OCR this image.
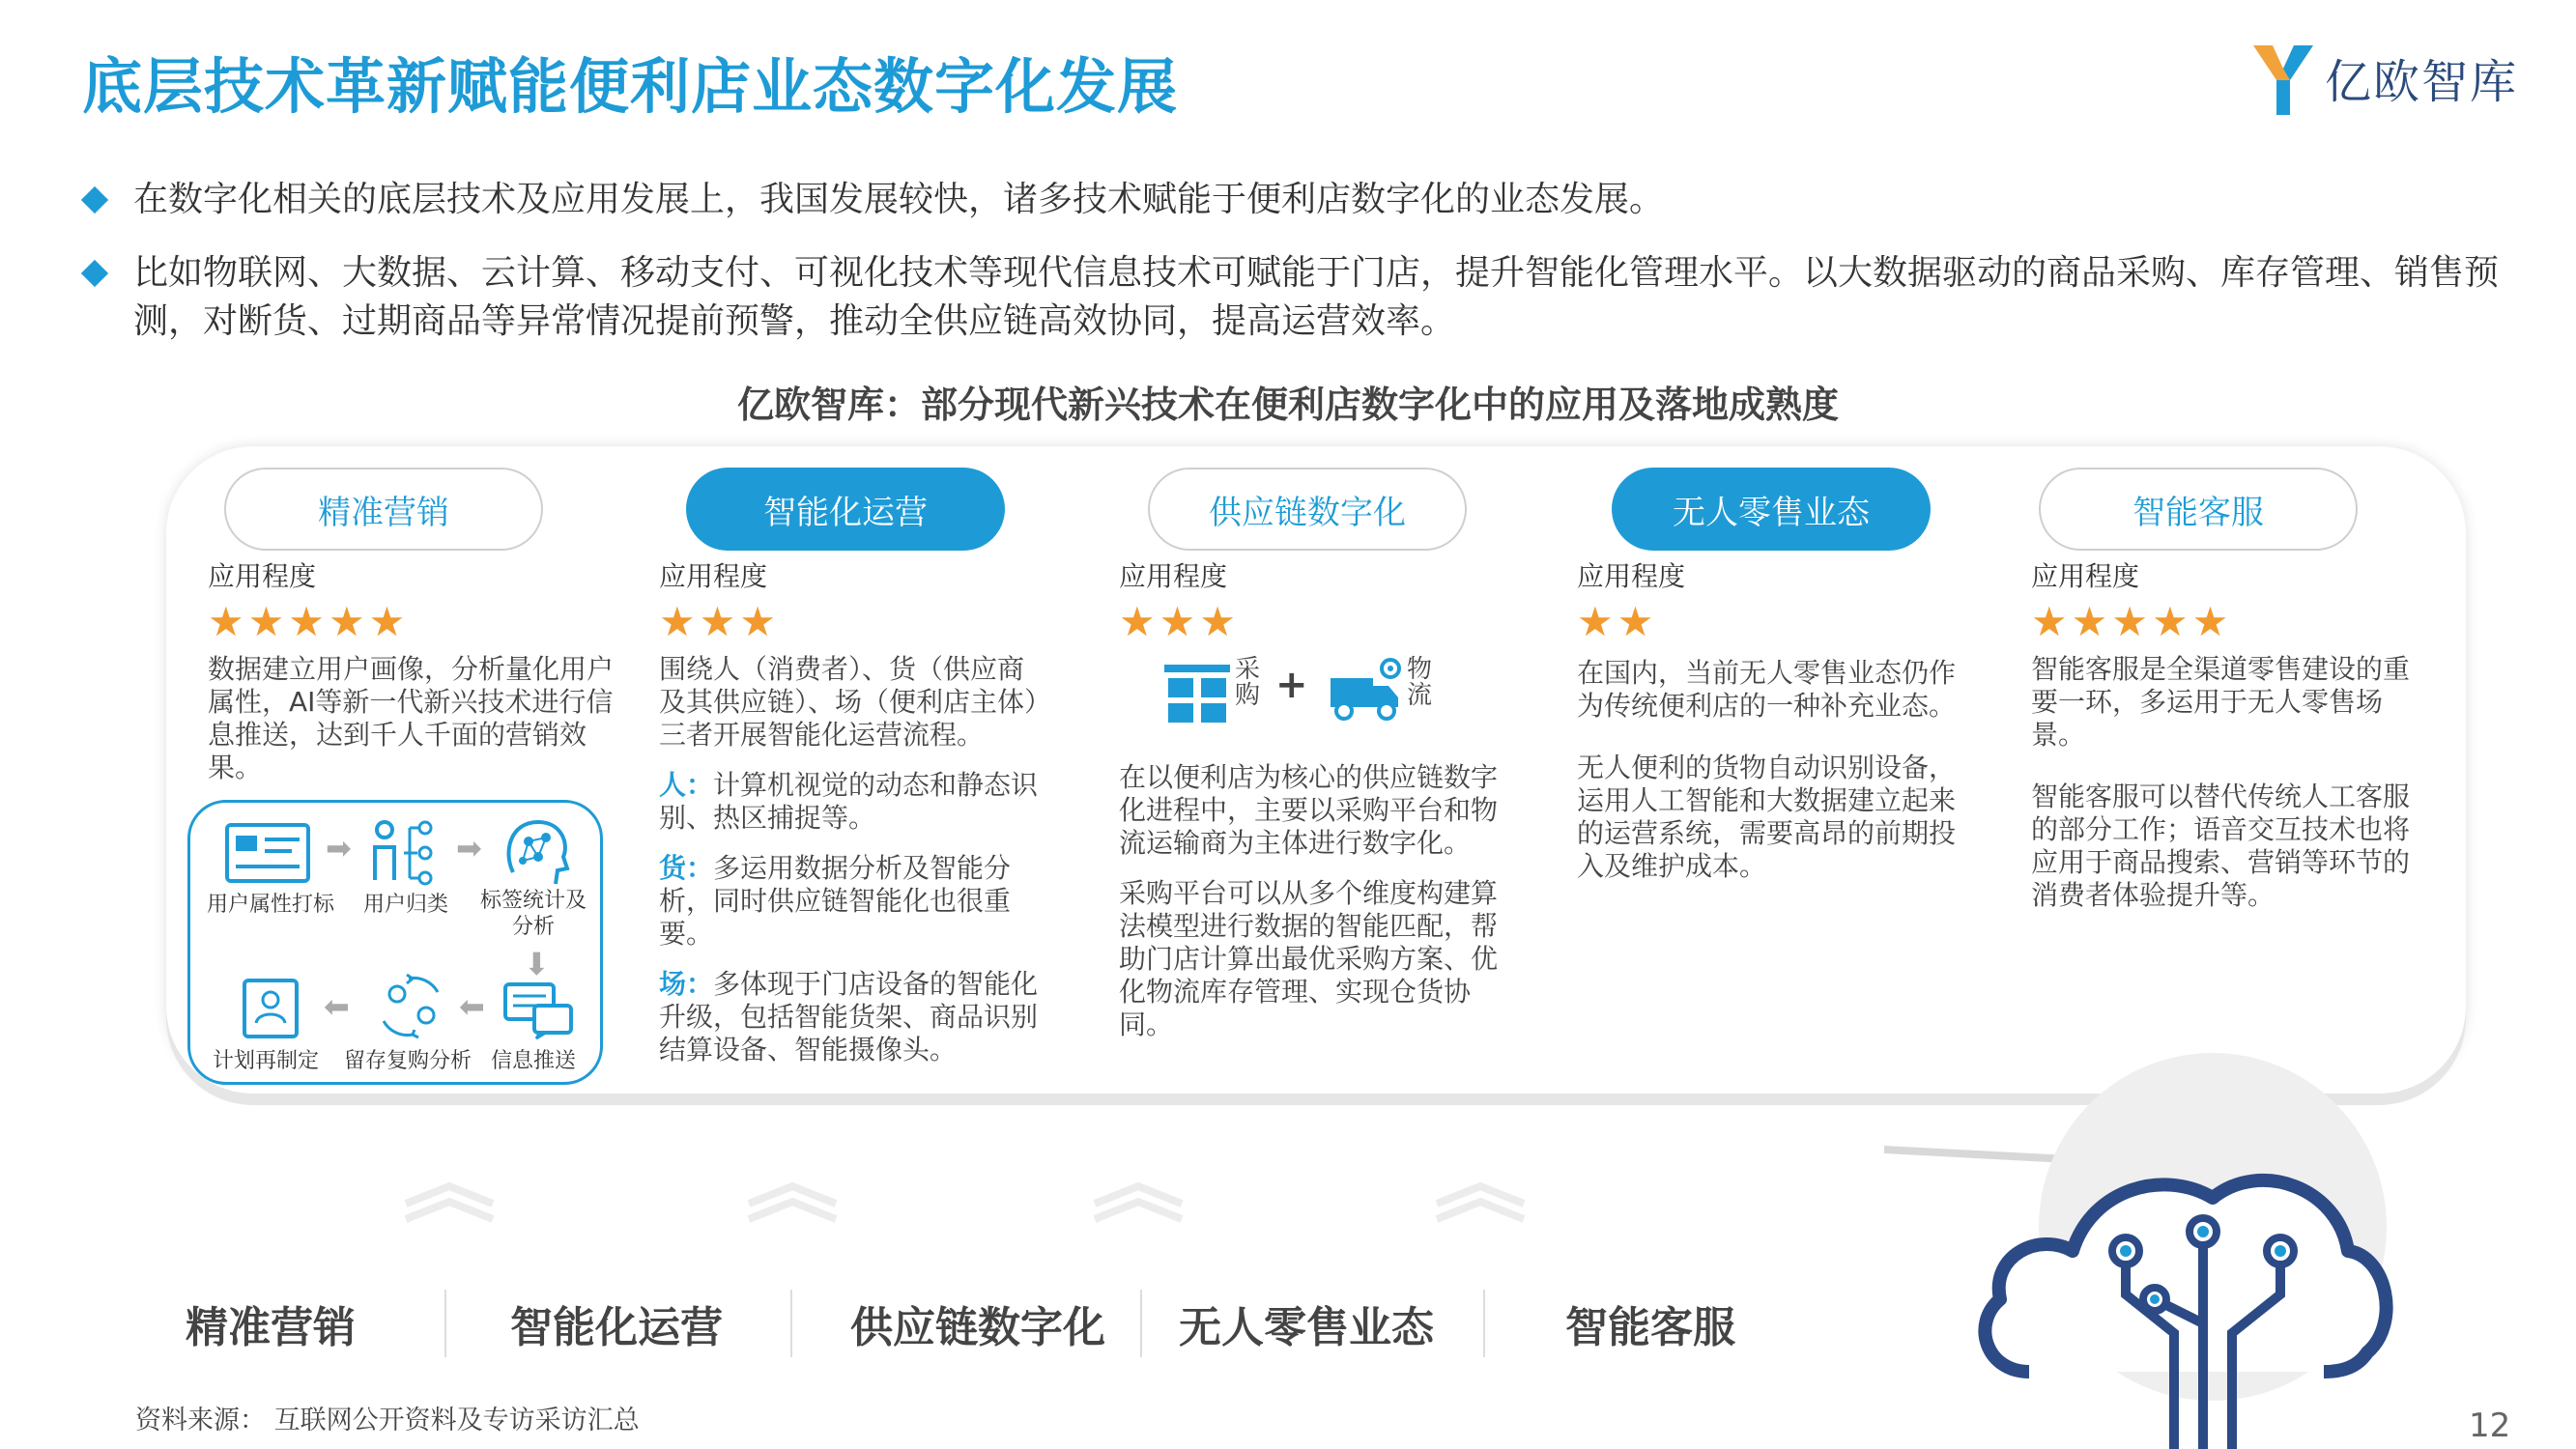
底层技术革新赋能便利店业态数字化发展	亿欧智库
在数字化相关的底层技术及应用发展上，我国发展较快，诸多技术赋能于便利店数字化的业态发展。
比如物联网、大数据、云计算、移动支付、可视化技术等现代信息技术可赋能于门店，提升智能化管理水平。以大数据驱动的商品采购、库存管理、销售预测，对断货、过期商品等异常情况提前预警，推动全供应链高效协同，提高运营效率。
亿欧智库：部分现代新兴技术在便利店数字化中的应用及落地成熟度
精准营销	智能化运营	供应链数字化	无人零售业态	智能客服
应用程度
★★★★★

数据建立用户画像，分析量化用户属性，AI等新一代新兴技术进行信息推送，达到千人千面的营销效果。

➡	➡
用户属性打标	用户归类	标签统计及分析
⬇
⬅	⬅
计划再制定	留存复购分析 信息推送
应用程度
★★★

围绕人（消费者）、货（供应商及其供应链）、场（便利店主体）三者开展智能化运营流程。

人：计算机视觉的动态和静态识别、热区捕捉等。

货：多运用数据分析及智能分析，同时供应链智能化也很重要。

场：多体现于门店设备的智能化升级，包括智能货架、商品识别结算设备、智能摄像头。

应用程度
★★★
采购 +	物流

在以便利店为核心的供应链数字化进程中，主要以采购平台和物流运输商为主体进行数字化。

采购平台可以从多个维度构建算法模型进行数据的智能匹配，帮助门店计算出最优采购方案、优化物流库存管理、实现仓货协同。

应用程度
★★

在国内，当前无人零售业态仍作为传统便利店的一种补充业态。

无人便利的货物自动识别设备，运用人工智能和大数据建立起来的运营系统，需要高昂的前期投入及维护成本。

应用程度
★★★★★

智能客服是全渠道零售建设的重要一环，多运用于无人零售场景。

智能客服可以替代传统人工客服的部分工作；语音交互技术也将应用于商品搜索、营销等环节的消费者体验提升等。

精准营销	智能化运营	供应链数字化 无人零售业态	智能客服
资料来源： 互联网公开资料及专访采访汇总	12
